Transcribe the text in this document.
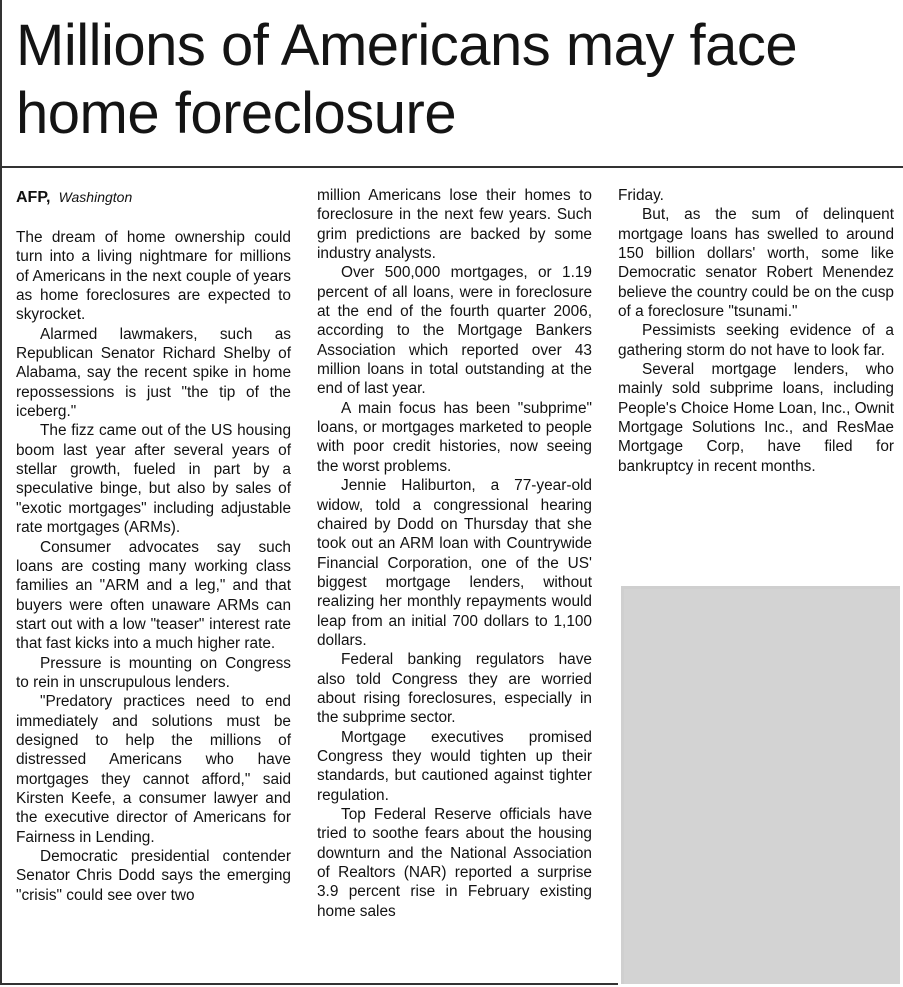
Millions of Americans may face home foreclosure
AFP, Washington

The dream of home ownership could turn into a living nightmare for millions of Americans in the next couple of years as home foreclosures are expected to skyrocket.

Alarmed lawmakers, such as Republican Senator Richard Shelby of Alabama, say the recent spike in home repossessions is just "the tip of the iceberg."

The fizz came out of the US housing boom last year after several years of stellar growth, fueled in part by a speculative binge, but also by sales of "exotic mortgages" including adjustable rate mortgages (ARMs).

Consumer advocates say such loans are costing many working class families an "ARM and a leg," and that buyers were often unaware ARMs can start out with a low "teaser" interest rate that fast kicks into a much higher rate.

Pressure is mounting on Congress to rein in unscrupulous lenders.

"Predatory practices need to end immediately and solutions must be designed to help the millions of distressed Americans who have mortgages they cannot afford," said Kirsten Keefe, a consumer lawyer and the executive director of Americans for Fairness in Lending.

Democratic presidential contender Senator Chris Dodd says the emerging "crisis" could see over two

million Americans lose their homes to foreclosure in the next few years. Such grim predictions are backed by some industry analysts.

Over 500,000 mortgages, or 1.19 percent of all loans, were in foreclosure at the end of the fourth quarter 2006, according to the Mortgage Bankers Association which reported over 43 million loans in total outstanding at the end of last year.

A main focus has been "subprime" loans, or mortgages marketed to people with poor credit histories, now seeing the worst problems.

Jennie Haliburton, a 77-year-old widow, told a congressional hearing chaired by Dodd on Thursday that she took out an ARM loan with Countrywide Financial Corporation, one of the US' biggest mortgage lenders, without realizing her monthly repayments would leap from an initial 700 dollars to 1,100 dollars.

Federal banking regulators have also told Congress they are worried about rising foreclosures, especially in the subprime sector.

Mortgage executives promised Congress they would tighten up their standards, but cautioned against tighter regulation.

Top Federal Reserve officials have tried to soothe fears about the housing downturn and the National Association of Realtors (NAR) reported a surprise 3.9 percent rise in February existing home sales

Friday.

But, as the sum of delinquent mortgage loans has swelled to around 150 billion dollars' worth, some like Democratic senator Robert Menendez believe the country could be on the cusp of a foreclosure "tsunami."

Pessimists seeking evidence of a gathering storm do not have to look far.

Several mortgage lenders, who mainly sold subprime loans, including People's Choice Home Loan, Inc., Ownit Mortgage Solutions Inc., and ResMae Mortgage Corp, have filed for bankruptcy in recent months.
